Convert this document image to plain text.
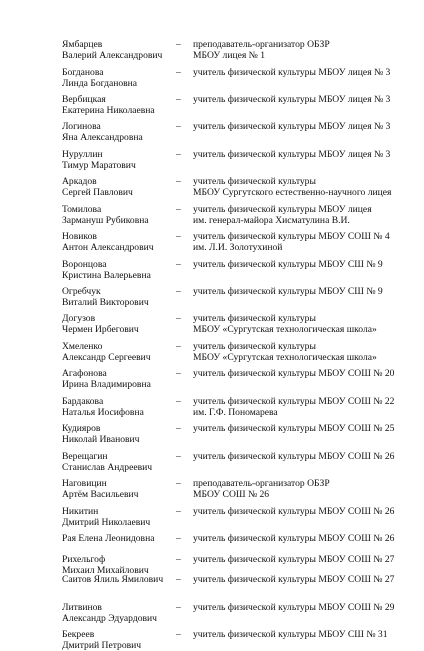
Ямбарцев
Валерий Александрович
– преподаватель-организатор ОБЗР
МБОУ лицея № 1
Богданова
Линда Богдановна
– учитель физической культуры МБОУ лицея № 3
Вербицкая
Екатерина Николаевна
– учитель физической культуры МБОУ лицея № 3
Логинова
Яна Александровна
– учитель физической культуры МБОУ лицея № 3
Нуруллин
Тимур Маратович
– учитель физической культуры МБОУ лицея № 3
Аркадов
Сергей Павлович
– учитель физической культуры
МБОУ Сургутского естественно-научного лицея
Томилова
Зармануш Рубиковна
– учитель физической культуры МБОУ лицея
им. генерал-майора Хисматулина В.И.
Новиков
Антон Александрович
– учитель физической культуры МБОУ СОШ № 4
им. Л.И. Золотухиной
Воронцова
Кристина Валерьевна
– учитель физической культуры МБОУ СШ № 9
Огребчук
Виталий Викторович
– учитель физической культуры МБОУ СШ № 9
Догузов
Чермен Ирбегович
– учитель физической культуры
МБОУ «Сургутская технологическая школа»
Хмеленко
Александр Сергеевич
– учитель физической культуры
МБОУ «Сургутская технологическая школа»
Агафонова
Ирина Владимировна
– учитель физической культуры МБОУ СОШ № 20
Бардакова
Наталья Иосифовна
– учитель физической культуры МБОУ СОШ № 22
им. Г.Ф. Пономарева
Кудияров
Николай Иванович
– учитель физической культуры МБОУ СОШ № 25
Верещагин
Станислав Андреевич
– учитель физической культуры МБОУ СОШ № 26
Наговицин
Артём Васильевич
– преподаватель-организатор ОБЗР
МБОУ СОШ № 26
Никитин
Дмитрий Николаевич
– учитель физической культуры МБОУ СОШ № 26
Рая Елена Леонидовна – учитель физической культуры МБОУ СОШ № 26
Рихельгоф
Михаил Михайлович
– учитель физической культуры МБОУ СОШ № 27
Саитов Ялиль Ямилович – учитель физической культуры МБОУ СОШ № 27
Литвинов
Александр Эдуардович
– учитель физической культуры МБОУ СОШ № 29
Бекреев
Дмитрий Петрович
– учитель физической культуры МБОУ СШ № 31
